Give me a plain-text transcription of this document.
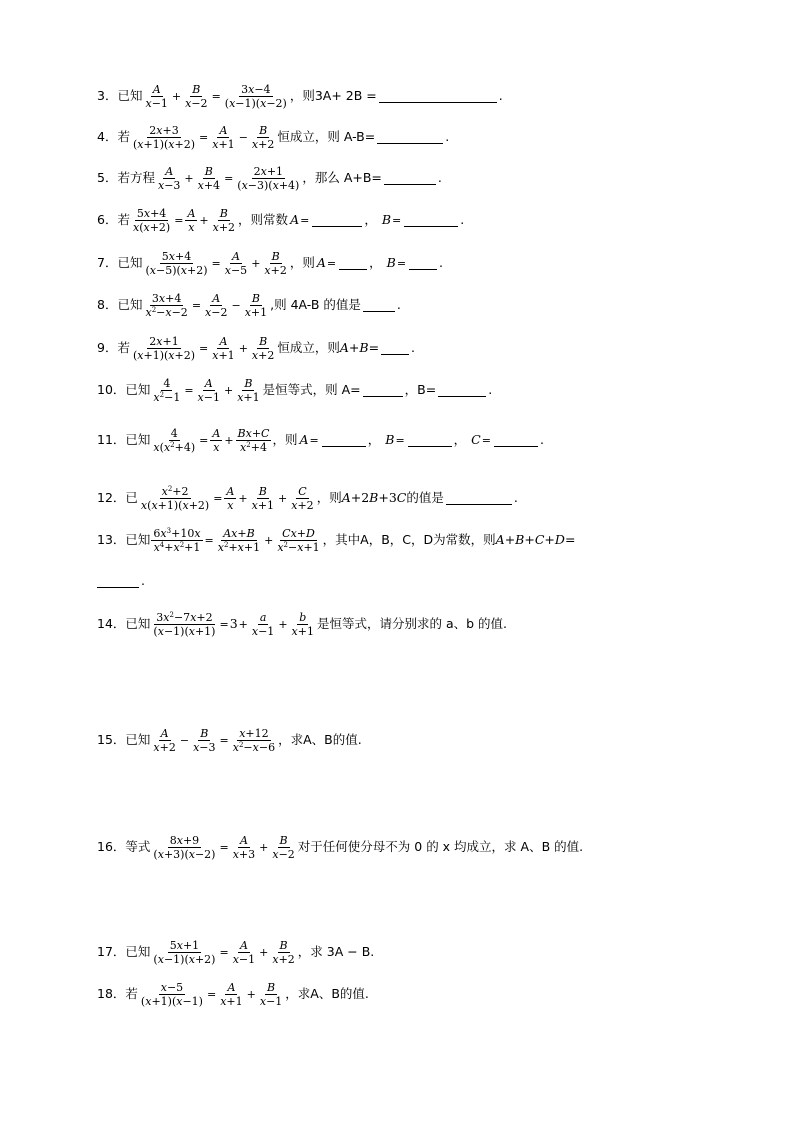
3． 已知 $\frac{A}{x-1} + \frac{B}{x-2} = \frac{3x-4}{(x-1)(x-2)}$ ，则3A+ 2B =	.
4． 若 $\frac{2x+3}{(x+1)(x+2)} = \frac{A}{x+1} - \frac{B}{x+2}$ 恒成立，则 A-B=	.
5． 若方程 $\frac{A}{x-3} + \frac{B}{x+4} = \frac{2x+1}{(x-3)(x+4)}$ ，那么 A+B=	.
6． 若 $\frac{5x+4}{x(x+2)} = \frac{A}{x} + \frac{B}{x+2}$ ，则常数 A =	， B =	.
7． 已知 $\frac{5x+4}{(x-5)(x+2)} = \frac{A}{x-5} + \frac{B}{x+2}$ ，则 A =	， B =	.
8． 已知 $\frac{3x+4}{x^2-x-2} = \frac{A}{x-2} - \frac{B}{x+1}$ ,则 4A-B 的值是	.
9． 若 $\frac{2x+1}{(x+1)(x+2)} = \frac{A}{x+1} + \frac{B}{x+2}$ 恒成立，则 A + B =	.
10． 已知 $\frac{4}{x^2-1} = \frac{A}{x-1} + \frac{B}{x+1}$ 是恒等式，则 A=	，B=	.
11． 已知 $\frac{4}{x(x^2+4)} = \frac{A}{x} + \frac{Bx+C}{x^2+4}$ ，则 A =	， B =	， C =	.
12． 已 $\frac{x^2+2}{x(x+1)(x+2)} = \frac{A}{x} + \frac{B}{x+1} + \frac{C}{x+2}$ ，则 A +2 B +3 C 的值是	.
13． 已知 $\frac{6x^3+10x}{x^4+x^2+1} = \frac{Ax+B}{x^2+x+1} + \frac{Cx+D}{x^2-x+1}$ ，其中A，B，C，D为常数，则 A + B + C + D =
.
14． 已知 $\frac{3x^2-7x+2}{(x-1)(x+1)} = 3 + \frac{a}{x-1} + \frac{b}{x+1}$ 是恒等式，请分别求的 a、b 的值.
15． 已知 $\frac{A}{x+2} - \frac{B}{x-3} = \frac{x+12}{x^2-x-6}$ ，求A、B的值.
16． 等式 $\frac{8x+9}{(x+3)(x-2)} = \frac{A}{x+3} + \frac{B}{x-2}$ 对于任何使分母不为 0 的 x 均成立，求 A、B 的值.
17． 已知 $\frac{5x+1}{(x-1)(x+2)} = \frac{A}{x-1} + \frac{B}{x+2}$ ，求 3A − B.
18． 若 $\frac{x-5}{(x+1)(x-1)} = \frac{A}{x+1} + \frac{B}{x-1}$ ，求A、B的值.
